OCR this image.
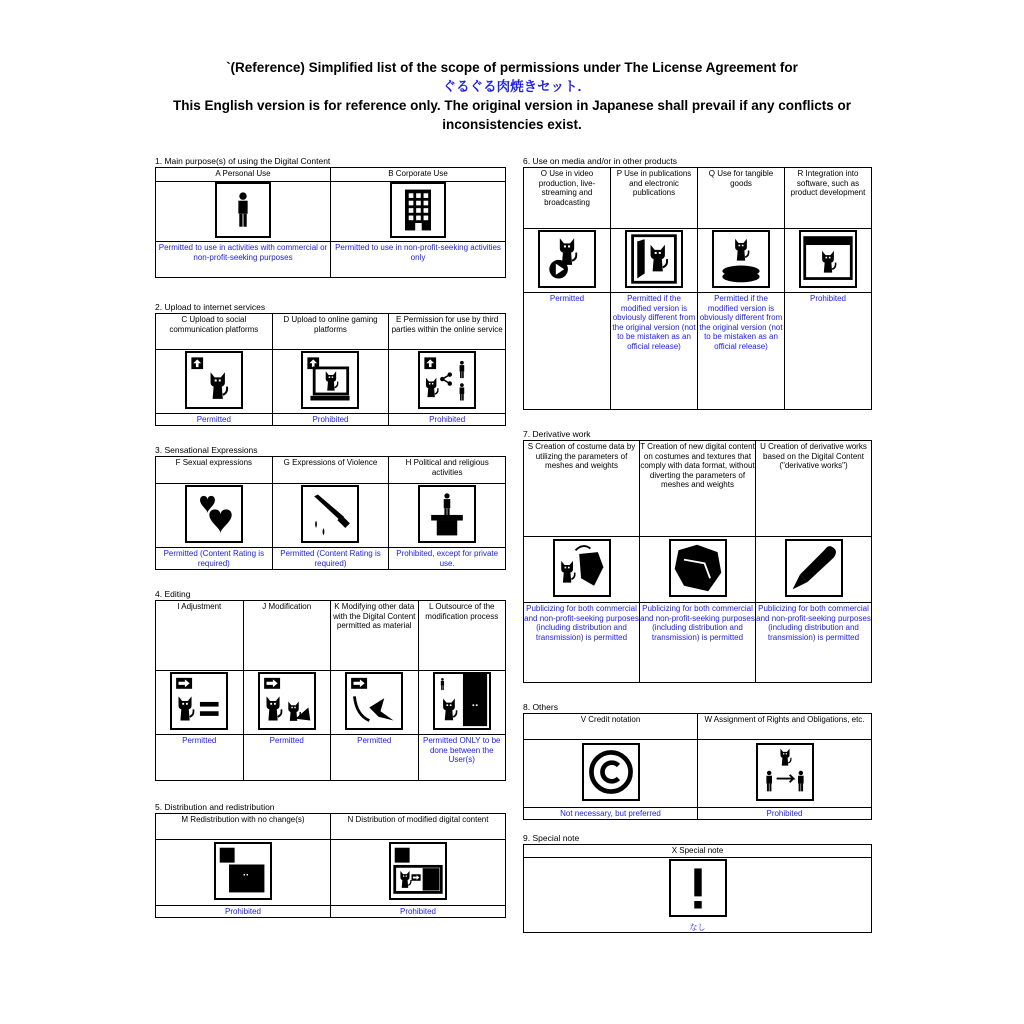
`(Reference) Simplified list of the scope of permissions under The License Agreement for
ぐるぐる肉焼きセット.
This English version is for reference only. The original version in Japanese shall prevail if any conflicts or
inconsistencies exist.
1. Main purpose(s) of using the Digital Content
A Personal Use	B Corporate Use

Permitted to use in activities with commercial or non-profit-seeking purposes	Permitted to use in non-profit-seeking activities only
2. Upload to internet services
C Upload to social communication platforms	D Upload to online gaming platforms	E Permission for use by third parties within the online service

Permitted	Prohibited	Prohibited
3. Sensational Expressions
F Sexual expressions	G Expressions of Violence	H Political and religious activities

Permitted (Content Rating is required)	Permitted (Content Rating is required)	Prohibited, except for private use.
4. Editing
I Adjustment	J Modification	K Modifying other data with the Digital Content permitted as material	L Outsource of the modification process

Permitted	Permitted	Permitted	Permitted ONLY to be done between the User(s)
5. Distribution and redistribution
M Redistribution with no change(s)	N Distribution of modified digital content

Prohibited	Prohibited
6. Use on media and/or in other products
O Use in video production, live-streaming and broadcasting	P Use in publications and electronic publications	Q Use for tangible goods	R Integration into software, such as product development

Permitted	Permitted if the modified version is obviously different from the original version (not to be mistaken as an official release)	Permitted if the modified version is obviously different from the original version (not to be mistaken as an official release)	Prohibited
7. Derivative work
S Creation of costume data by utilizing the parameters of meshes and weights	T Creation of new digital content on costumes and textures that comply with data format, without diverting the parameters of meshes and weights	U Creation of derivative works based on the Digital Content ("derivative works")

Publicizing for both commercial and non-profit-seeking purposes (including distribution and transmission) is permitted	Publicizing for both commercial and non-profit-seeking purposes (including distribution and transmission) is permitted	Publicizing for both commercial and non-profit-seeking purposes (including distribution and transmission) is permitted
8. Others
V Credit notation	W Assignment of Rights and Obligations, etc.

Not necessary, but preferred	Prohibited
9. Special note
X Special note

なし
